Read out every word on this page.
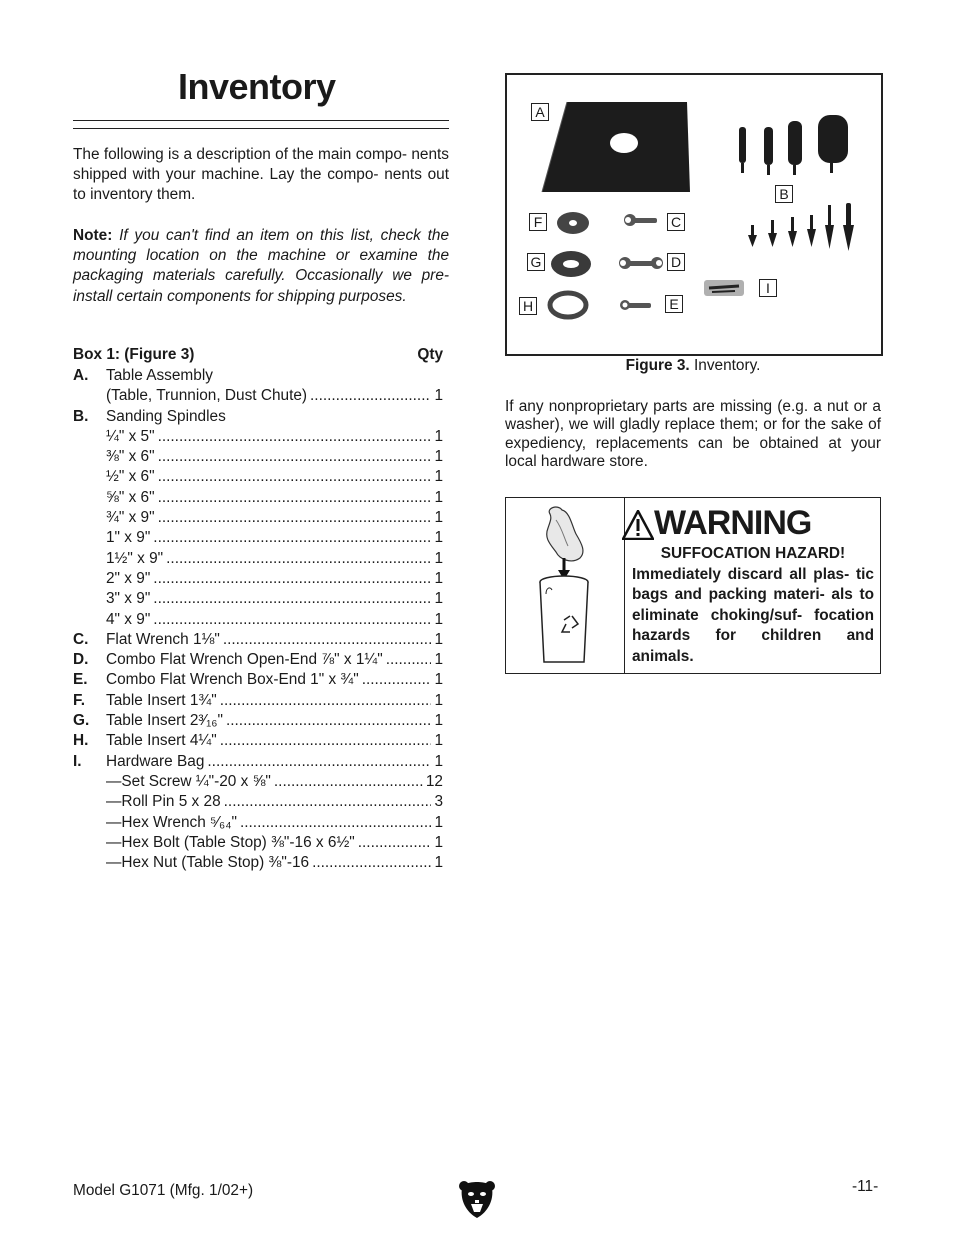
Inventory
The following is a description of the main compo- nents shipped with your machine. Lay the compo- nents out to inventory them.
Note: If you can't find an item on this list, check the mounting location on the machine or examine the packaging materials carefully. Occasionally we pre-install certain components for shipping purposes.
Box 1: (Figure 3)	Qty
A. Table Assembly
(Table, Trunnion, Dust Chute) .....	1
B. Sanding Spindles
¼" x 5" .....	1
⅜" x 6" .....	1
½" x 6" .....	1
⅝" x 6" .....	1
¾" x 9" .....	1
1" x 9" .....	1
1½" x 9" .....	1
2" x 9" .....	1
3" x 9" .....	1
4" x 9" .....	1
C. Flat Wrench 1⅛" .....	1
D. Combo Flat Wrench Open-End ⅞" x 1¼" .....	1
E. Combo Flat Wrench Box-End 1" x ¾" .....	1
F. Table Insert 1¾" .....	1
G. Table Insert 2³⁄₁₆" .....	1
H. Table Insert 4¼" .....	1
I. Hardware Bag .....	1
—Set Screw ¼"-20 x ⅝" .....	12
—Roll Pin 5 x 28 .....	3
—Hex Wrench ⁵⁄₆₄" .....	1
—Hex Bolt (Table Stop) ⅜"-16 x 6½" .....	1
—Hex Nut (Table Stop) ⅜"-16 .....	1
A
B
F	C
G	D
H	E
I
Figure 3. Inventory.
If any nonproprietary parts are missing (e.g. a nut or a washer), we will gladly replace them; or for the sake of expediency, replacements can be obtained at your local hardware store.
WARNING
SUFFOCATION HAZARD!
Immediately discard all plas- tic bags and packing materi- als to eliminate choking/suf- focation hazards for children and animals.
Model G1071 (Mfg. 1/02+)	-11-
